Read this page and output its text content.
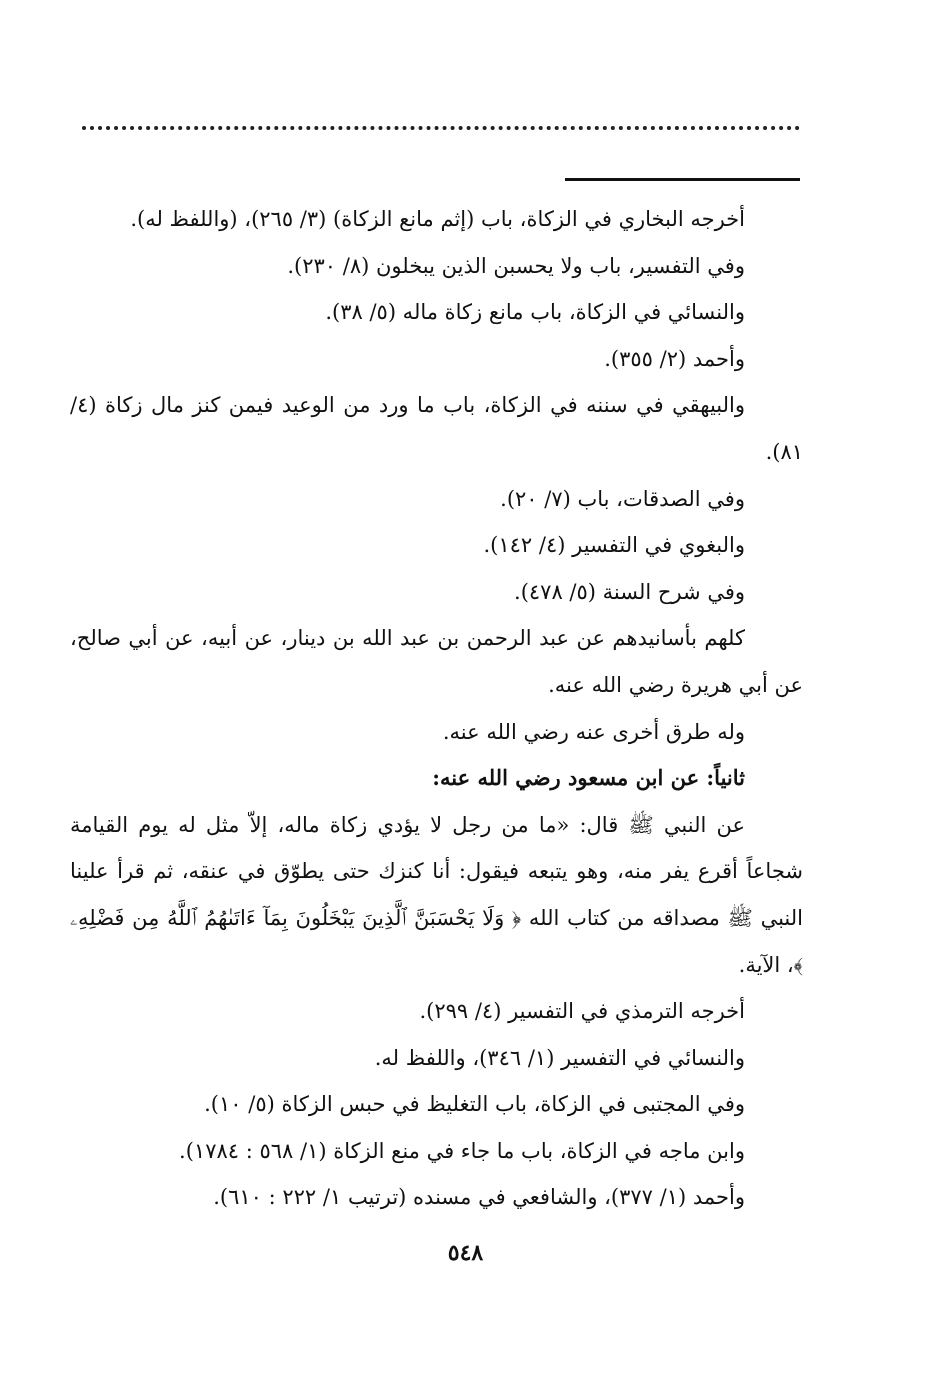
أخرجه البخاري في الزكاة، باب (إثم مانع الزكاة) (٣/ ٢٦٥)، (واللفظ له).

وفي التفسير، باب ولا يحسبن الذين يبخلون (٨/ ٢٣٠).

والنسائي في الزكاة، باب مانع زكاة ماله (٥/ ٣٨).

وأحمد (٢/ ٣٥٥).

والبيهقي في سننه في الزكاة، باب ما ورد من الوعيد فيمن كنز مال زكاة (٤/ ٨١).

وفي الصدقات، باب (٧/ ٢٠).

والبغوي في التفسير (٤/ ١٤٢).

وفي شرح السنة (٥/ ٤٧٨).

كلهم بأسانيدهم عن عبد الرحمن بن عبد الله بن دينار، عن أبيه، عن أبي صالح، عن أبي هريرة رضي الله عنه.

وله طرق أخرى عنه رضي الله عنه.

ثانياً: عن ابن مسعود رضي الله عنه:

عن النبي ﷺ قال: «ما من رجل لا يؤدي زكاة ماله، إلاّ مثل له يوم القيامة شجاعاً أقرع يفر منه، وهو يتبعه فيقول: أنا كنزك حتى يطوّق في عنقه، ثم قرأ علينا النبي ﷺ مصداقه من كتاب الله ﴿ وَلَا يَحْسَبَنَّ ٱلَّذِينَ يَبْخَلُونَ بِمَآ ءَاتَىٰهُمُ ٱللَّهُ مِن فَضْلِهِۦ ﴾، الآية.

أخرجه الترمذي في التفسير (٤/ ٢٩٩).

والنسائي في التفسير (١/ ٣٤٦)، واللفظ له.

وفي المجتبى في الزكاة، باب التغليظ في حبس الزكاة (٥/ ١٠).

وابن ماجه في الزكاة، باب ما جاء في منع الزكاة (١/ ٥٦٨ : ١٧٨٤).

وأحمد (١/ ٣٧٧)، والشافعي في مسنده (ترتيب ١/ ٢٢٢ : ٦١٠).

٥٤٨
